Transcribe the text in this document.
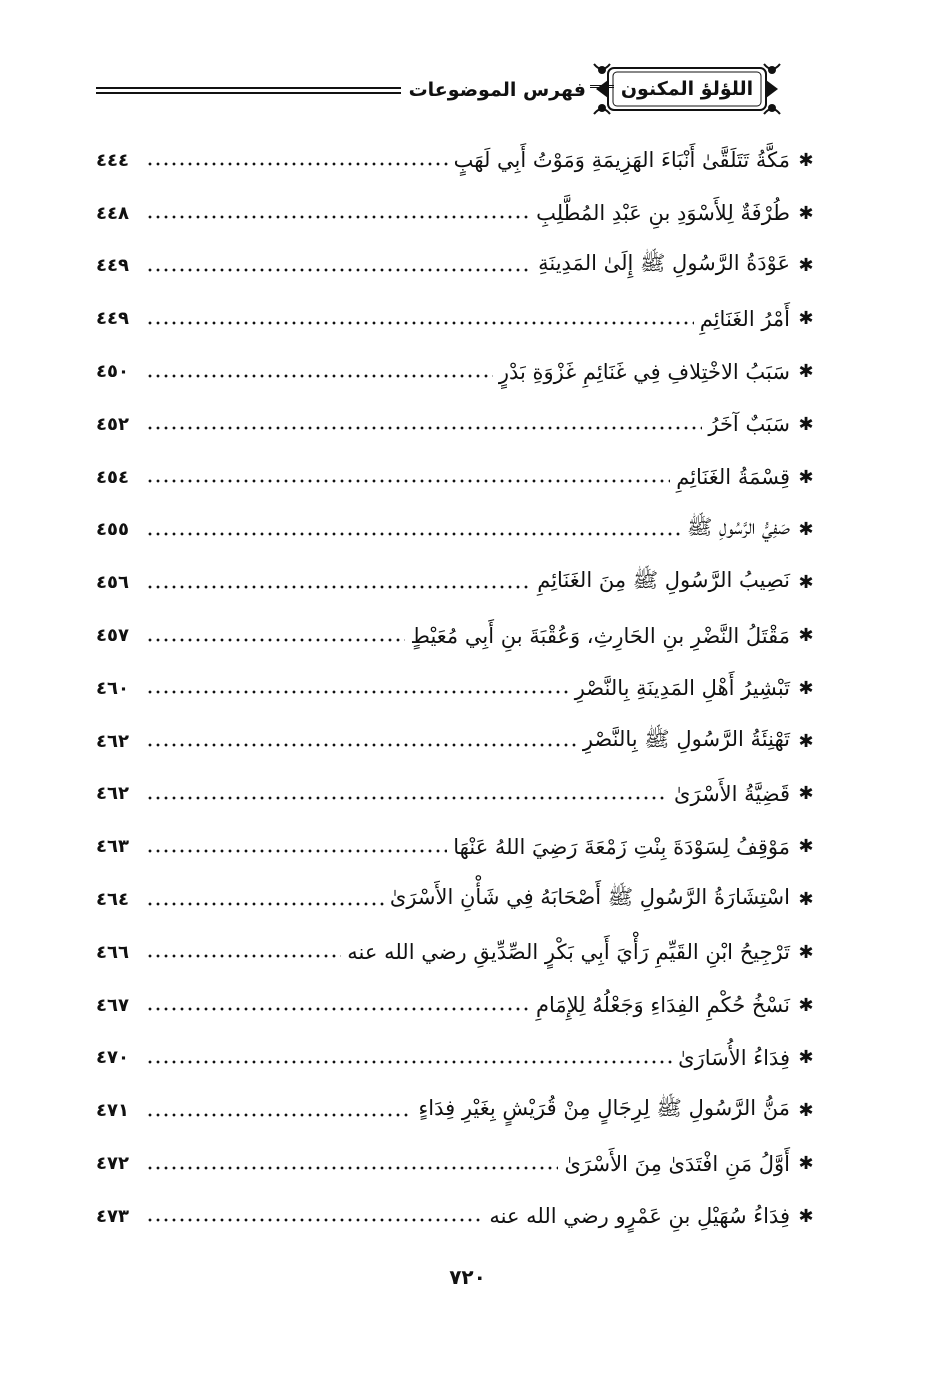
فهرس الموضوعات اللؤلؤ المكنون
✱
مَكَّةُ تَتَلَقَّىٰ أَنْبَاءَ الهَزِيمَةِ وَمَوْتُ أَبِي لَهَبٍ
٤٤٤
✱
طُرْفَةٌ لِلأَسْوَدِ بنِ عَبْدِ المُطَّلِبِ
٤٤٨
✱
عَوْدَةُ الرَّسُولِ ﷺ إِلَىٰ المَدِينَةِ
٤٤٩
✱
أَمْرُ الغَنَائِمِ
٤٤٩
✱
سَبَبُ الاخْتِلافِ فِي غَنَائِمِ غَزْوَةِ بَدْرٍ
٤٥٠
✱
سَبَبٌ آخَرُ
٤٥٢
✱
قِسْمَةُ الغَنَائِمِ
٤٥٤
✱
صَفِيُّ الرَّسُولِ ﷺ
٤٥٥
✱
نَصِيبُ الرَّسُولِ ﷺ مِنَ الغَنَائِمِ
٤٥٦
✱
مَقْتَلُ النَّضْرِ بنِ الحَارِثِ، وَعُقْبَةَ بنِ أَبِي مُعَيْطٍ
٤٥٧
✱
تَبْشِيرُ أَهْلِ المَدِينَةِ بِالنَّصْرِ
٤٦٠
✱
تَهْنِئَةُ الرَّسُولِ ﷺ بِالنَّصْرِ
٤٦٢
✱
قَضِيَّةُ الأَسْرَىٰ
٤٦٢
✱
مَوْقِفُ لِسَوْدَةَ بِنْتِ زَمْعَةَ رَضِيَ اللهُ عَنْهَا
٤٦٣
✱
اسْتِشَارَةُ الرَّسُولِ ﷺ أَصْحَابَهُ فِي شَأْنِ الأَسْرَىٰ
٤٦٤
✱
تَرْجِيحُ ابْنِ القَيِّمِ رَأْيَ أَبِي بَكْرٍ الصِّدِّيقِ رضي الله عنه
٤٦٦
✱
نَسْخُ حُكْمِ الفِدَاءِ وَجَعْلُهُ لِلإِمَامِ
٤٦٧
✱
فِدَاءُ الأُسَارَىٰ
٤٧٠
✱
مَنُّ الرَّسُولِ ﷺ لِرِجَالٍ مِنْ قُرَيْشٍ بِغَيْرِ فِدَاءٍ
٤٧١
✱
أَوَّلُ مَنِ افْتَدَىٰ مِنَ الأَسْرَىٰ
٤٧٢
✱
فِدَاءُ سُهَيْلِ بنِ عَمْرٍو رضي الله عنه
٤٧٣
٧٢٠
